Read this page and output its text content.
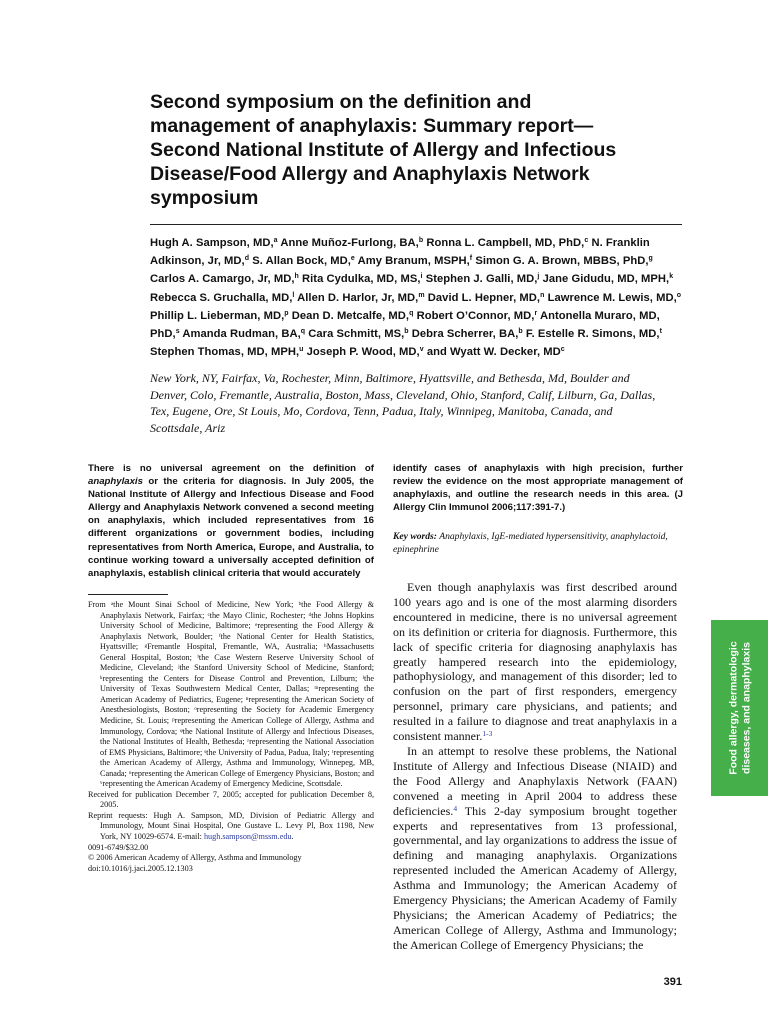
Second symposium on the definition and management of anaphylaxis: Summary report—Second National Institute of Allergy and Infectious Disease/Food Allergy and Anaphylaxis Network symposium
Hugh A. Sampson, MD,$^a$ Anne Muñoz-Furlong, BA,$^b$ Ronna L. Campbell, MD, PhD,$^c$ N. Franklin Adkinson, Jr, MD,$^d$ S. Allan Bock, MD,$^e$ Amy Branum, MSPH,$^f$ Simon G. A. Brown, MBBS, PhD,$^g$ Carlos A. Camargo, Jr, MD,$^h$ Rita Cydulka, MD, MS,$^i$ Stephen J. Galli, MD,$^j$ Jane Gidudu, MD, MPH,$^k$ Rebecca S. Gruchalla, MD,$^l$ Allen D. Harlor, Jr, MD,$^m$ David L. Hepner, MD,$^n$ Lawrence M. Lewis, MD,$^o$ Phillip L. Lieberman, MD,$^p$ Dean D. Metcalfe, MD,$^q$ Robert O’Connor, MD,$^r$ Antonella Muraro, MD, PhD,$^s$ Amanda Rudman, BA,$^q$ Cara Schmitt, MS,$^b$ Debra Scherrer, BA,$^b$ F. Estelle R. Simons, MD,$^t$ Stephen Thomas, MD, MPH,$^u$ Joseph P. Wood, MD,$^v$ and Wyatt W. Decker, $MD^c$
New York, NY, Fairfax, Va, Rochester, Minn, Baltimore, Hyattsville, and Bethesda, Md, Boulder and Denver, Colo, Fremantle, Australia, Boston, Mass, Cleveland, Ohio, Stanford, Calif, Lilburn, Ga, Dallas, Tex, Eugene, Ore, St Louis, Mo, Cordova, Tenn, Padua, Italy, Winnipeg, Manitoba, Canada, and Scottsdale, Ariz
There is no universal agreement on the definition of anaphylaxis or the criteria for diagnosis. In July 2005, the National Institute of Allergy and Infectious Disease and Food Allergy and Anaphylaxis Network convened a second meeting on anaphylaxis, which included representatives from 16 different organizations or government bodies, including representatives from North America, Europe, and Australia, to continue working toward a universally accepted definition of anaphylaxis, establish clinical criteria that would accurately
identify cases of anaphylaxis with high precision, further review the evidence on the most appropriate management of anaphylaxis, and outline the research needs in this area. (J Allergy Clin Immunol 2006;117:391-7.)
Key words: Anaphylaxis, IgE-mediated hypersensitivity, anaphylactoid, epinephrine

From ᵃthe Mount Sinai School of Medicine, New York; ᵇthe Food Allergy & Anaphylaxis Network, Fairfax; ᶜthe Mayo Clinic, Rochester; ᵈthe Johns Hopkins University School of Medicine, Baltimore; ᵉrepresenting the Food Allergy & Anaphylaxis Network, Boulder; ᶠthe National Center for Health Statistics, Hyattsville; ᵍFremantle Hospital, Fremantle, WA, Australia; ʰMassachusetts General Hospital, Boston; ⁱthe Case Western Reserve University School of Medicine, Cleveland; ʲthe Stanford University School of Medicine, Stanford; ᵏrepresenting the Centers for Disease Control and Prevention, Lilburn; ˡthe University of Texas Southwestern Medical Center, Dallas; ᵐrepresenting the American Academy of Pediatrics, Eugene; ⁿrepresenting the American Society of Anesthesiologists, Boston; ᵒrepresenting the Society for Academic Emergency Medicine, St. Louis; ᵖrepresenting the American College of Allergy, Asthma and Immunology, Cordova; ᵠthe National Institute of Allergy and Infectious Diseases, the National Institutes of Health, Bethesda; ʳrepresenting the National Association of EMS Physicians, Baltimore; ˢthe University of Padua, Padua, Italy; ᵗrepresenting the American Academy of Allergy, Asthma and Immunology, Winnepeg, MB, Canada; ᵘrepresenting the American College of Emergency Physicians, Boston; and ᵛrepresenting the American Academy of Emergency Medicine, Scottsdale.

Received for publication December 7, 2005; accepted for publication December 8, 2005.

Reprint requests: Hugh A. Sampson, MD, Division of Pediatric Allergy and Immunology, Mount Sinai Hospital, One Gustave L. Levy Pl, Box 1198, New York, NY 10029-6574. E-mail: hugh.sampson@mssm.edu.

0091-6749/$32.00

© 2006 American Academy of Allergy, Asthma and Immunology

doi:10.1016/j.jaci.2005.12.1303

Even though anaphylaxis was first described around 100 years ago and is one of the most alarming disorders encountered in medicine, there is no universal agreement on its definition or criteria for diagnosis. Furthermore, this lack of specific criteria for diagnosing anaphylaxis has greatly hampered research into the epidemiology, pathophysiology, and management of this disorder; led to confusion on the part of first responders, emergency personnel, primary care physicians, and patients; and resulted in a failure to diagnose and treat anaphylaxis in a consistent manner.$^{1-3}$

In an attempt to resolve these problems, the National Institute of Allergy and Infectious Disease (NIAID) and the Food Allergy and Anaphylaxis Network (FAAN) convened a meeting in April 2004 to address these deficiencies.$^4$ This 2-day symposium brought together experts and representatives from 13 professional, governmental, and lay organizations to address the issue of defining and managing anaphylaxis. Organizations represented included the American Academy of Allergy, Asthma and Immunology; the American Academy of Emergency Physicians; the American Academy of Family Physicians; the American Academy of Pediatrics; the American College of Allergy, Asthma and Immunology; the American College of Emergency Physicians; the

Food allergy, dermatologic diseases, and anaphylaxis
391
